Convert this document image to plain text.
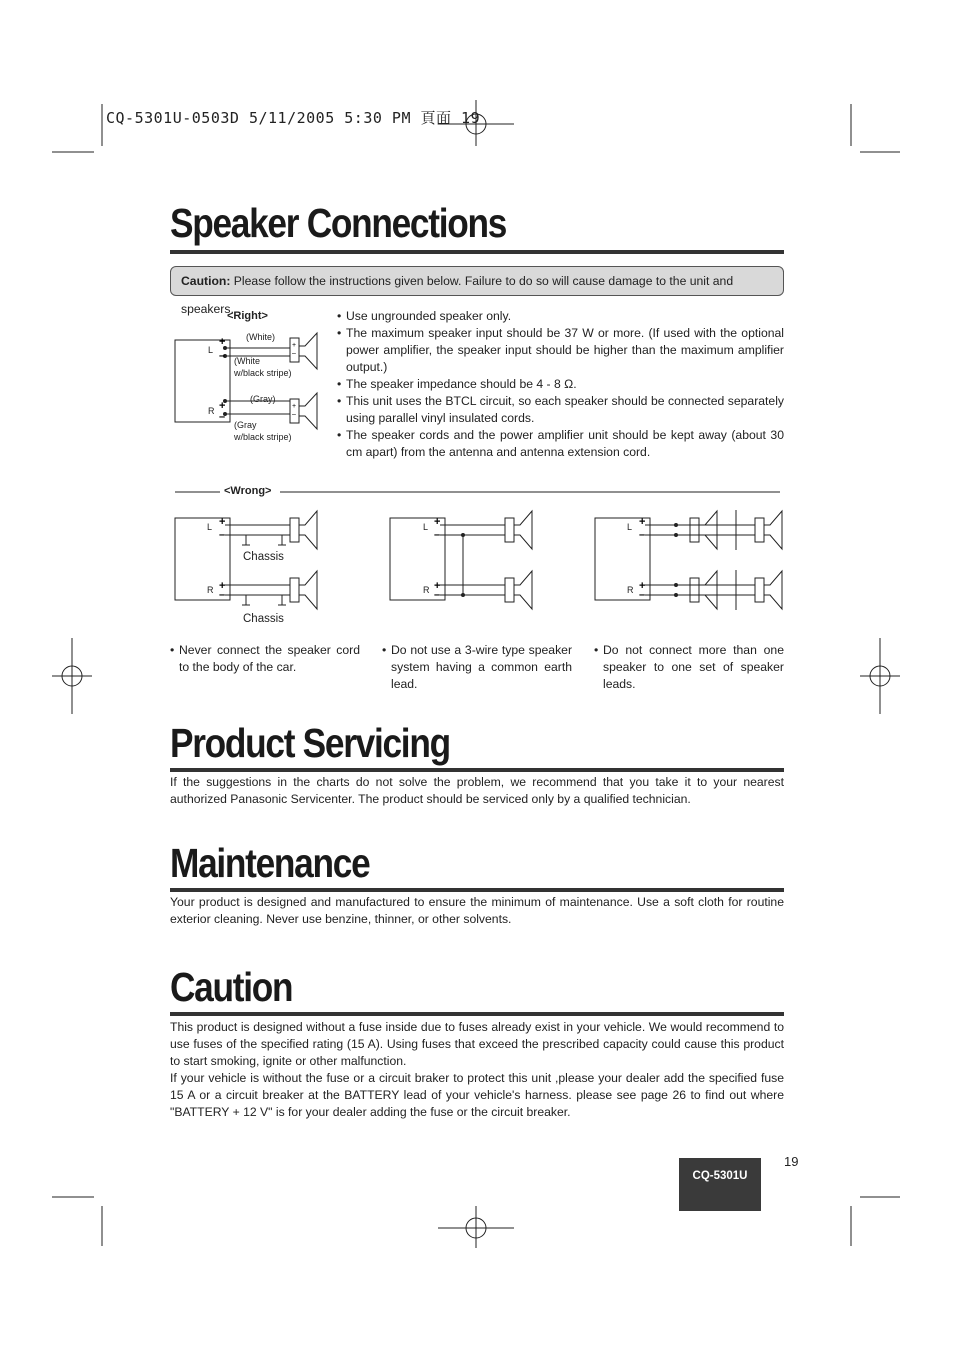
CQ-5301U-0503D 5/11/2005 5:30 PM 頁面 19
Speaker Connections
Caution: Please follow the instructions given below. Failure to do so will cause damage to the unit and speakers.
<Right>
+
–
+
–
+
–
+
–
L
R
(White)
(White
w/black stripe)
(Gray)
(Gray
w/black stripe)

• Use ungrounded speaker only.

• The maximum speaker input should be 37 W or more. (If used with the optional power amplifier, the speaker input should be higher than the maximum amplifier output.)

• The speaker impedance should be 4 - 8 Ω.

• This unit uses the BTCL circuit, so each speaker should be connected separately using parallel vinyl insulated cords.

• The speaker cords and the power amplifier unit should be kept away (about 30 cm apart) from the antenna and antenna extension cord.

<Wrong>
+
–
+
–
L
R
Chassis
Chassis
+
–
+
–
L
R
+
–
+
–
L
R

• Never connect the speaker cord to the body of the car.

• Do not use a 3-wire type speaker system having a common earth lead.

• Do not connect more than one speaker to one set of speaker leads.

Product Servicing

If the suggestions in the charts do not solve the problem, we recommend that you take it to your nearest authorized Panasonic Servicenter. The product should be serviced only by a qualified technician.

Maintenance

Your product is designed and manufactured to ensure the minimum of maintenance. Use a soft cloth for routine exterior cleaning. Never use benzine, thinner, or other solvents.

Caution

This product is designed without a fuse inside due to fuses already exist in your vehicle. We would recommend to use fuses of the specified rating (15 A). Using fuses that exceed the prescribed capacity could cause this product to start smoking, ignite or other malfunction.

If your vehicle is without the fuse or a circuit braker to protect this unit ,please your dealer add the specified fuse 15 A or a circuit breaker at the BATTERY lead of your vehicle's harness. please see page 26 to find out where "BATTERY + 12 V" is for your dealer adding the fuse or the circuit breaker.

19
CQ-5301U
